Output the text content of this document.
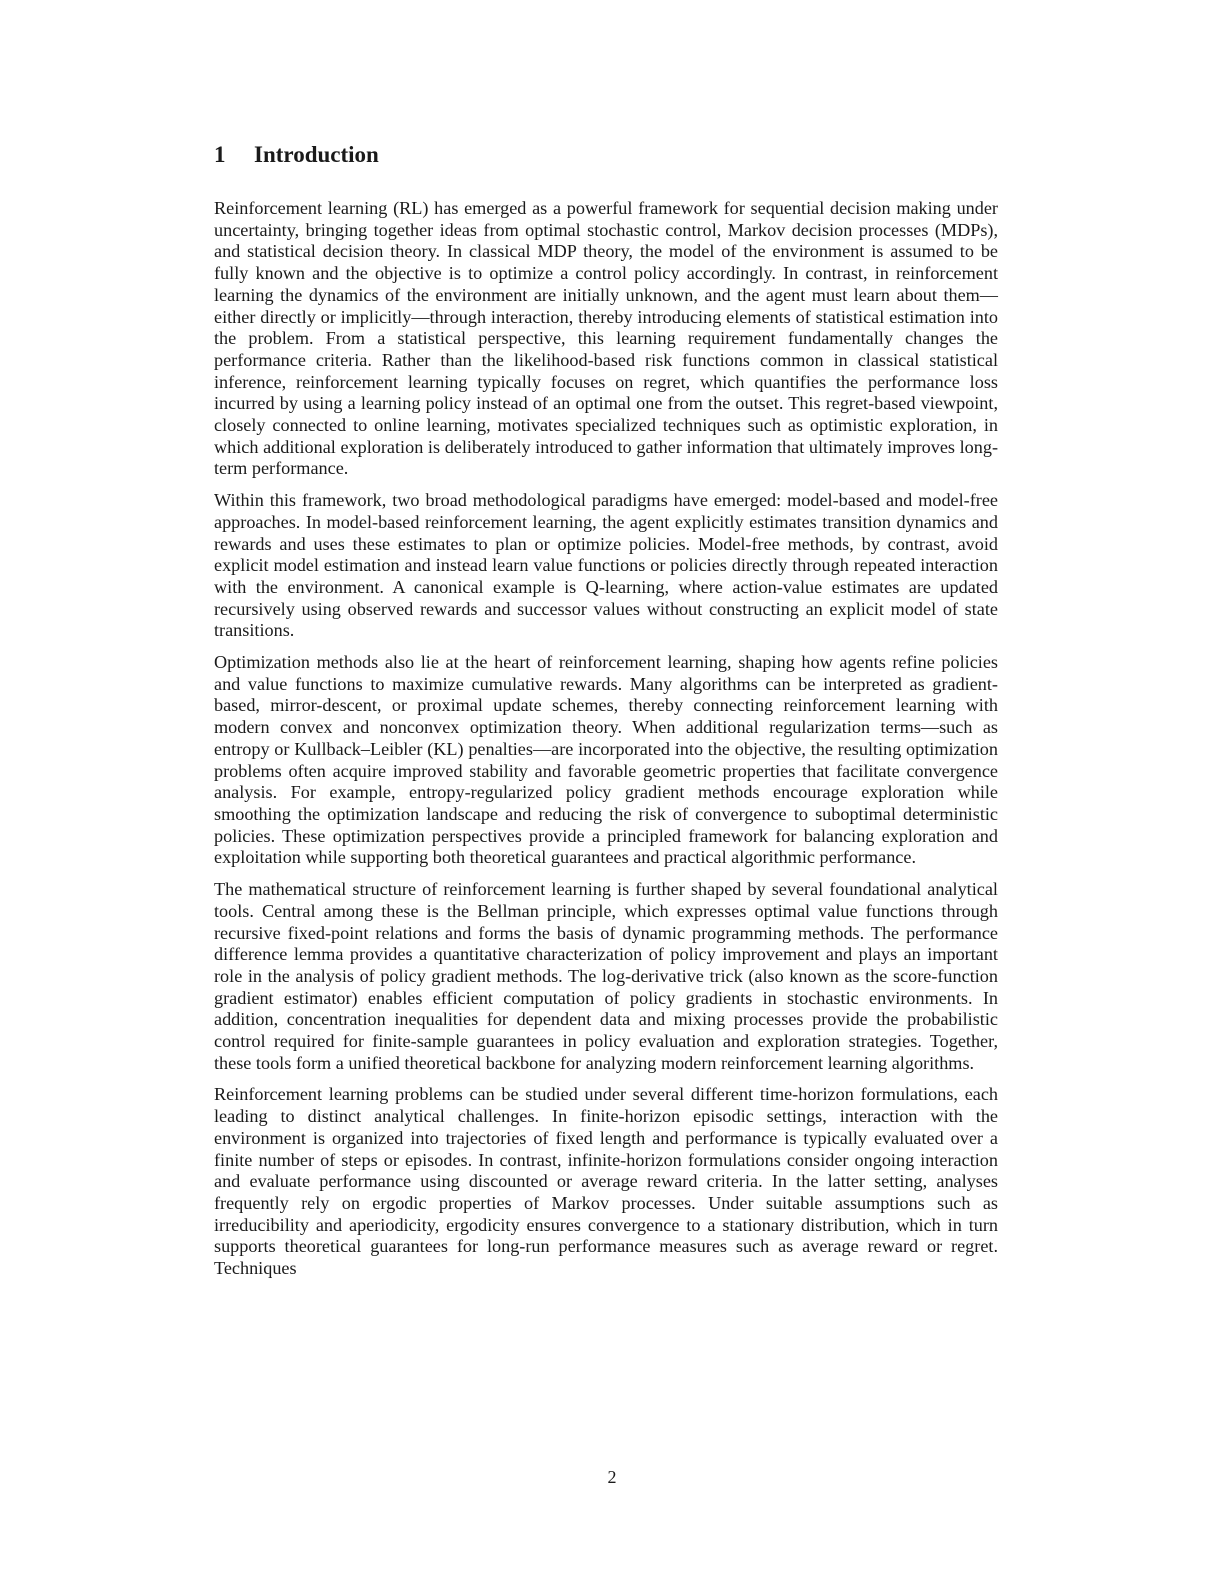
1 Introduction

Reinforcement learning (RL) has emerged as a powerful framework for sequential decision making under uncertainty, bringing together ideas from optimal stochastic control, Markov decision processes (MDPs), and statistical decision theory. In classical MDP theory, the model of the environment is assumed to be fully known and the objective is to optimize a control policy accordingly. In contrast, in reinforcement learning the dynamics of the environment are initially unknown, and the agent must learn about them—either directly or implicitly—through interaction, thereby introducing elements of statistical estimation into the problem. From a statistical perspective, this learning requirement fundamentally changes the performance criteria. Rather than the likelihood-based risk functions common in classical statistical inference, reinforcement learning typically focuses on regret, which quantifies the performance loss incurred by using a learning policy instead of an optimal one from the outset. This regret-based viewpoint, closely connected to online learning, motivates specialized techniques such as optimistic exploration, in which additional exploration is deliberately introduced to gather information that ultimately improves long-term performance.

Within this framework, two broad methodological paradigms have emerged: model-based and model-free approaches. In model-based reinforcement learning, the agent explicitly estimates transition dynamics and rewards and uses these estimates to plan or optimize policies. Model-free methods, by contrast, avoid explicit model estimation and instead learn value functions or policies directly through repeated interaction with the environment. A canonical example is Q-learning, where action-value estimates are updated recursively using observed rewards and successor values without constructing an explicit model of state transitions.

Optimization methods also lie at the heart of reinforcement learning, shaping how agents refine policies and value functions to maximize cumulative rewards. Many algorithms can be interpreted as gradient-based, mirror-descent, or proximal update schemes, thereby connecting reinforcement learning with modern convex and nonconvex optimization theory. When additional regularization terms—such as entropy or Kullback–Leibler (KL) penalties—are incorporated into the objective, the resulting optimization problems often acquire improved stability and favorable geometric properties that facilitate convergence analysis. For example, entropy-regularized policy gradient methods encourage exploration while smoothing the optimization landscape and reducing the risk of convergence to suboptimal deterministic policies. These optimization perspectives provide a principled framework for balancing exploration and exploitation while supporting both theoretical guarantees and practical algorithmic performance.

The mathematical structure of reinforcement learning is further shaped by several foundational analytical tools. Central among these is the Bellman principle, which expresses optimal value functions through recursive fixed-point relations and forms the basis of dynamic programming methods. The performance difference lemma provides a quantitative characterization of policy improvement and plays an important role in the analysis of policy gradient methods. The log-derivative trick (also known as the score-function gradient estimator) enables efficient computation of policy gradients in stochastic environments. In addition, concentration inequalities for dependent data and mixing processes provide the probabilistic control required for finite-sample guarantees in policy evaluation and exploration strategies. Together, these tools form a unified theoretical backbone for analyzing modern reinforcement learning algorithms.

Reinforcement learning problems can be studied under several different time-horizon formulations, each leading to distinct analytical challenges. In finite-horizon episodic settings, interaction with the environment is organized into trajectories of fixed length and performance is typically evaluated over a finite number of steps or episodes. In contrast, infinite-horizon formulations consider ongoing interaction and evaluate performance using discounted or average reward criteria. In the latter setting, analyses frequently rely on ergodic properties of Markov processes. Under suitable assumptions such as irreducibility and aperiodicity, ergodicity ensures convergence to a stationary distribution, which in turn supports theoretical guarantees for long-run performance measures such as average reward or regret. Techniques

2
